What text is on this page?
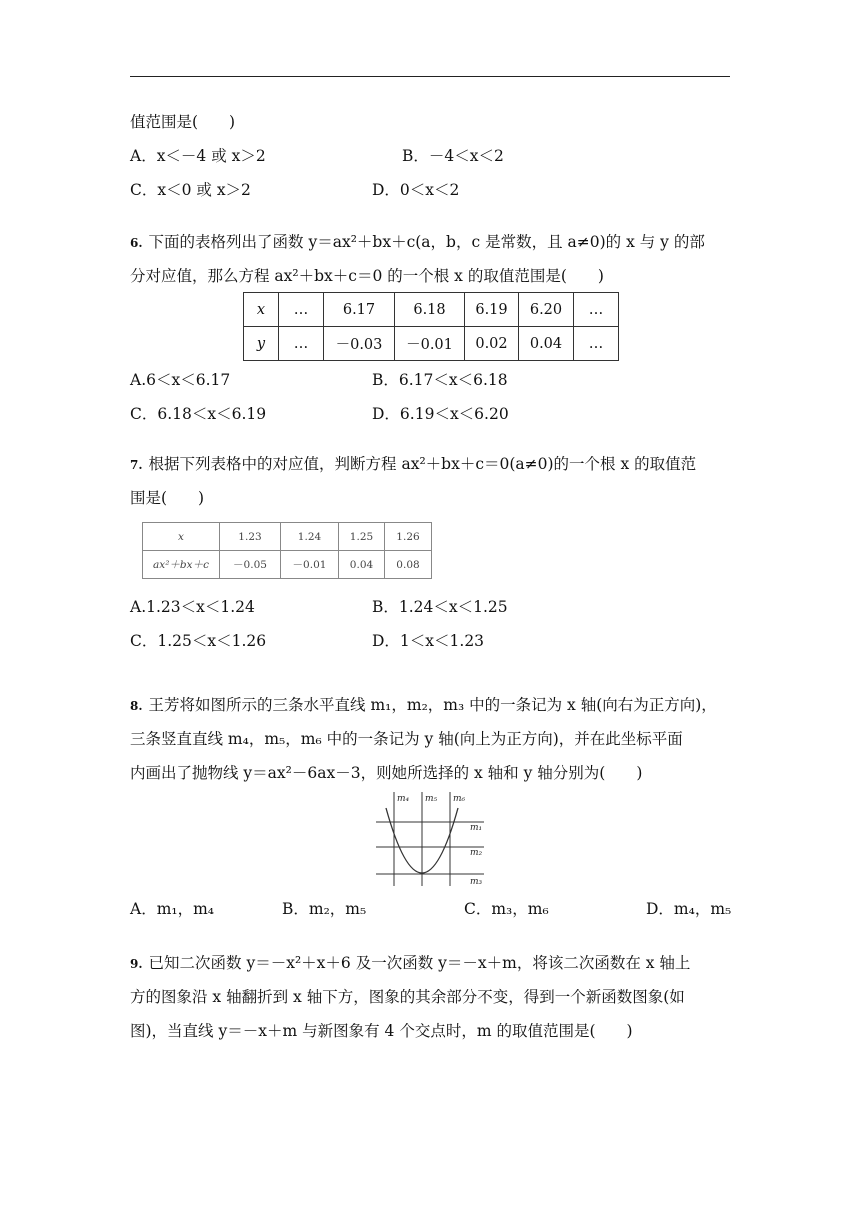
值范围是(　　)
A．x＜－4 或 x＞2	B．－4＜x＜2
C．x＜0 或 x＞2	D．0＜x＜2
6. 下面的表格列出了函数 y＝ax²＋bx＋c(a，b，c 是常数，且 a≠0)的 x 与 y 的部
分对应值，那么方程 ax²＋bx＋c＝0 的一个根 x 的取值范围是(　　)
x	…	6.17	6.18	6.19	6.20	…
y	…	－0.03	－0.01	0.02	0.04	…
A.6＜x＜6.17	B．6.17＜x＜6.18
C．6.18＜x＜6.19	D．6.19＜x＜6.20
7. 根据下列表格中的对应值，判断方程 ax²＋bx＋c＝0(a≠0)的一个根 x 的取值范
围是(　　)
x	1.23	1.24	1.25	1.26
ax²＋bx＋c	－0.05	－0.01	0.04	0.08
A.1.23＜x＜1.24	B．1.24＜x＜1.25
C．1.25＜x＜1.26	D．1＜x＜1.23
8. 王芳将如图所示的三条水平直线 m₁，m₂，m₃ 中的一条记为 x 轴(向右为正方向)，
三条竖直直线 m₄，m₅，m₆ 中的一条记为 y 轴(向上为正方向)，并在此坐标平面
内画出了抛物线 y＝ax²－6ax－3，则她所选择的 x 轴和 y 轴分别为(　　)
m₄ m₅ m₆
m₁
m₂
m₃
A．m₁，m₄	B．m₂，m₅	C．m₃，m₆	D．m₄，m₅
9. 已知二次函数 y＝－x²＋x＋6 及一次函数 y＝－x＋m，将该二次函数在 x 轴上
方的图象沿 x 轴翻折到 x 轴下方，图象的其余部分不变，得到一个新函数图象(如
图)，当直线 y＝－x＋m 与新图象有 4 个交点时，m 的取值范围是(　　)
